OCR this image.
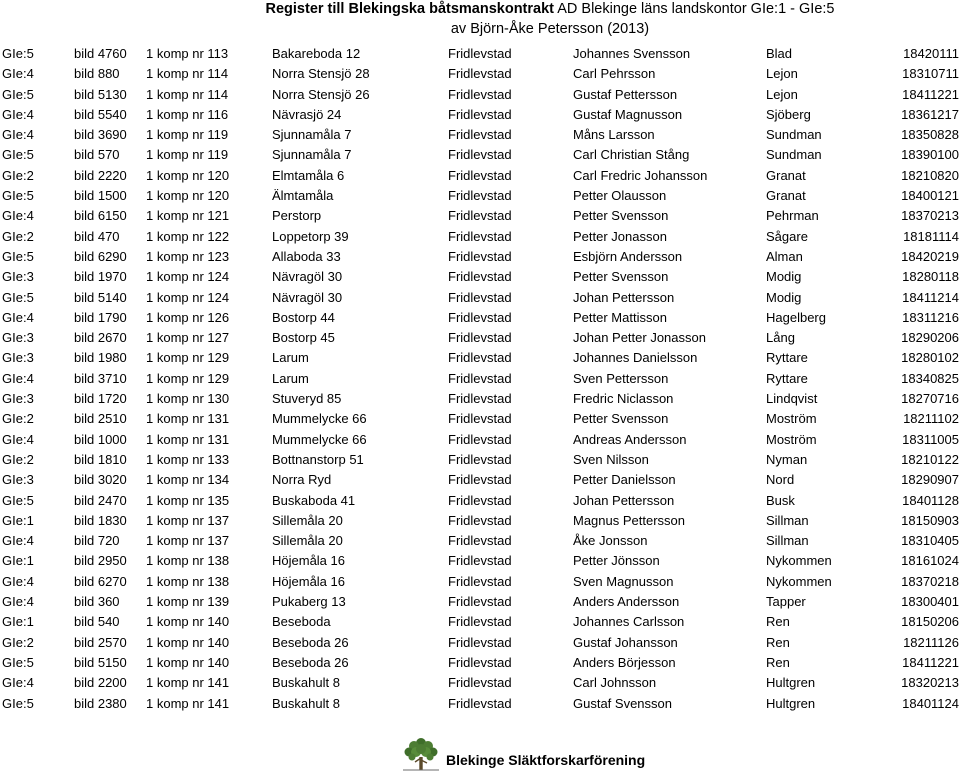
Register till Blekingska båtsmanskontrakt AD Blekinge läns landskontor GIe:1 - GIe:5
av Björn-Åke Petersson (2013)
GIe:5	bild 4760 1 komp nr 113	Bakareboda 12	Fridlevstad	Johannes Svensson	Blad	18420111
GIe:4	bild 880 1 komp nr 114	Norra Stensjö 28	Fridlevstad	Carl Pehrsson	Lejon	18310711
GIe:5	bild 5130 1 komp nr 114	Norra Stensjö 26	Fridlevstad	Gustaf Pettersson	Lejon	18411221
GIe:4	bild 5540 1 komp nr 116	Nävrasjö 24	Fridlevstad	Gustaf Magnusson	Sjöberg	18361217
GIe:4	bild 3690 1 komp nr 119	Sjunnamåla 7	Fridlevstad	Måns Larsson	Sundman	18350828
GIe:5	bild 570 1 komp nr 119	Sjunnamåla 7	Fridlevstad	Carl Christian Stång	Sundman	18390100
GIe:2	bild 2220 1 komp nr 120	Elmtamåla 6	Fridlevstad	Carl Fredric Johansson	Granat	18210820
GIe:5	bild 1500 1 komp nr 120	Älmtamåla	Fridlevstad	Petter Olausson	Granat	18400121
GIe:4	bild 6150 1 komp nr 121	Perstorp	Fridlevstad	Petter Svensson	Pehrman	18370213
GIe:2	bild 470 1 komp nr 122	Loppetorp 39	Fridlevstad	Petter Jonasson	Sågare	18181114
GIe:5	bild 6290 1 komp nr 123	Allaboda 33	Fridlevstad	Esbjörn Andersson	Alman	18420219
GIe:3	bild 1970 1 komp nr 124	Nävragöl 30	Fridlevstad	Petter Svensson	Modig	18280118
GIe:5	bild 5140 1 komp nr 124	Nävragöl 30	Fridlevstad	Johan Pettersson	Modig	18411214
GIe:4	bild 1790 1 komp nr 126	Bostorp 44	Fridlevstad	Petter Mattisson	Hagelberg	18311216
GIe:3	bild 2670 1 komp nr 127	Bostorp 45	Fridlevstad	Johan Petter Jonasson	Lång	18290206
GIe:3	bild 1980 1 komp nr 129	Larum	Fridlevstad	Johannes Danielsson	Ryttare	18280102
GIe:4	bild 3710 1 komp nr 129	Larum	Fridlevstad	Sven Pettersson	Ryttare	18340825
GIe:3	bild 1720 1 komp nr 130	Stuveryd 85	Fridlevstad	Fredric Niclasson	Lindqvist	18270716
GIe:2	bild 2510 1 komp nr 131	Mummelycke 66	Fridlevstad	Petter Svensson	Moström	18211102
GIe:4	bild 1000 1 komp nr 131	Mummelycke 66	Fridlevstad	Andreas Andersson	Moström	18311005
GIe:2	bild 1810 1 komp nr 133	Bottnanstorp 51	Fridlevstad	Sven Nilsson	Nyman	18210122
GIe:3	bild 3020 1 komp nr 134	Norra Ryd	Fridlevstad	Petter Danielsson	Nord	18290907
GIe:5	bild 2470 1 komp nr 135	Buskaboda 41	Fridlevstad	Johan Pettersson	Busk	18401128
GIe:1	bild 1830 1 komp nr 137	Sillemåla 20	Fridlevstad	Magnus Pettersson	Sillman	18150903
GIe:4	bild 720 1 komp nr 137	Sillemåla 20	Fridlevstad	Åke Jonsson	Sillman	18310405
GIe:1	bild 2950 1 komp nr 138	Höjemåla 16	Fridlevstad	Petter Jönsson	Nykommen	18161024
GIe:4	bild 6270 1 komp nr 138	Höjemåla 16	Fridlevstad	Sven Magnusson	Nykommen	18370218
GIe:4	bild 360 1 komp nr 139	Pukaberg 13	Fridlevstad	Anders Andersson	Tapper	18300401
GIe:1	bild 540 1 komp nr 140	Beseboda	Fridlevstad	Johannes Carlsson	Ren	18150206
GIe:2	bild 2570 1 komp nr 140	Beseboda 26	Fridlevstad	Gustaf Johansson	Ren	18211126
GIe:5	bild 5150 1 komp nr 140	Beseboda 26	Fridlevstad	Anders Börjesson	Ren	18411221
GIe:4	bild 2200 1 komp nr 141	Buskahult 8	Fridlevstad	Carl Johnsson	Hultgren	18320213
GIe:5	bild 2380 1 komp nr 141	Buskahult 8	Fridlevstad	Gustaf Svensson	Hultgren	18401124
Blekinge Släktforskarförening
